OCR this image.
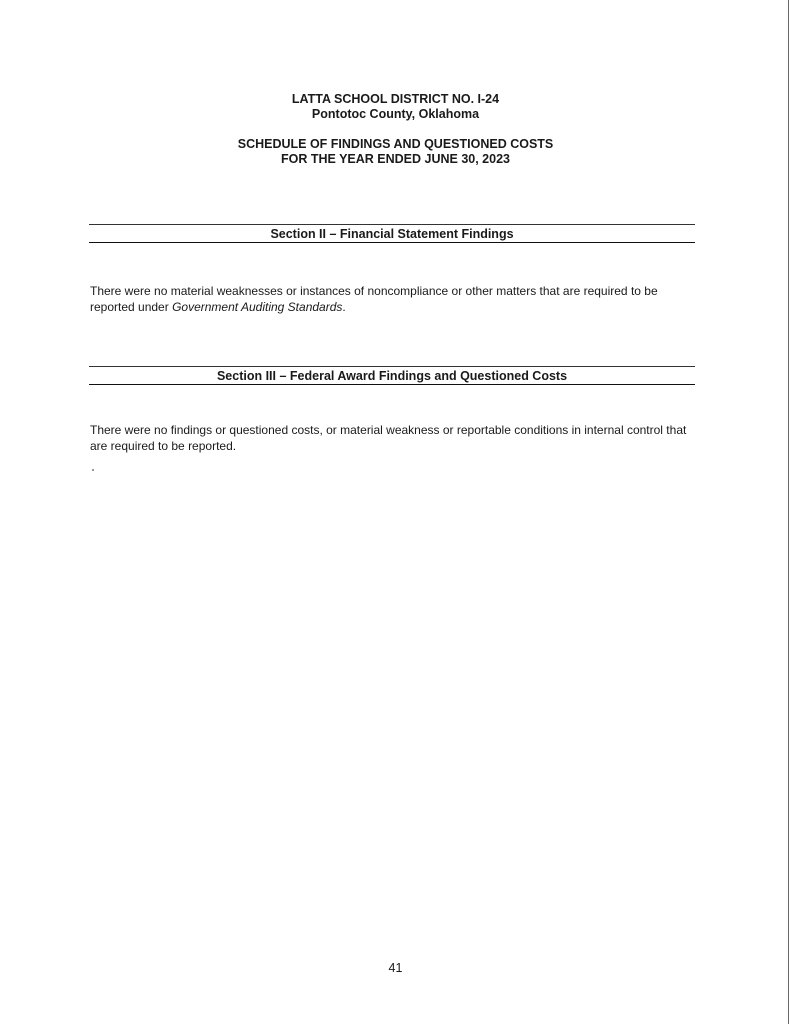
LATTA SCHOOL DISTRICT NO. I-24
Pontotoc County, Oklahoma
SCHEDULE OF FINDINGS AND QUESTIONED COSTS
FOR THE YEAR ENDED JUNE 30, 2023
Section II – Financial Statement Findings
There were no material weaknesses or instances of noncompliance or other matters that are required to be reported under Government Auditing Standards.
Section III – Federal Award Findings and Questioned Costs
There were no findings or questioned costs, or material weakness or reportable conditions in internal control that are required to be reported.
41
